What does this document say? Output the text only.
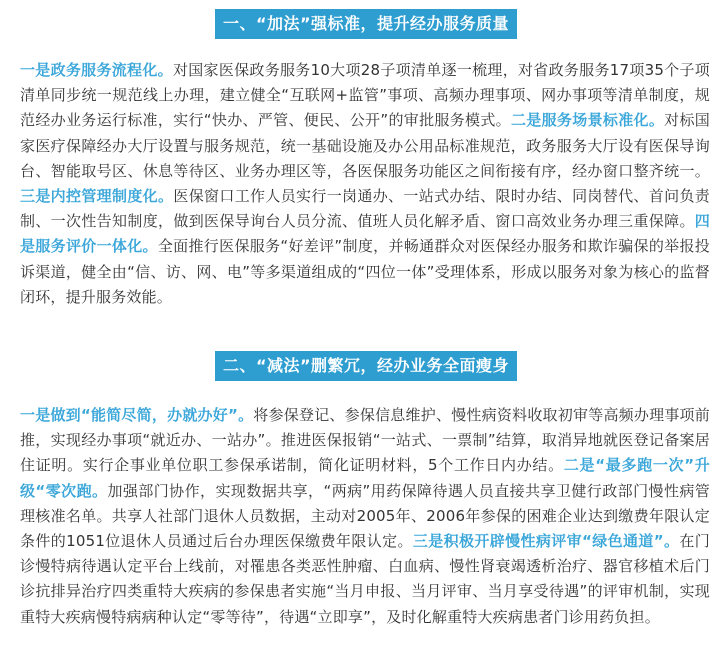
一、“加法”强标准，提升经办服务质量
一是政务服务流程化。对国家医保政务服务10大项28子项清单逐一梳理，对省政务服务17项35个子项清单同步统一规范线上办理，建立健全“互联网+监管”事项、高频办理事项、网办事项等清单制度，规范经办业务运行标准，实行“快办、严管、便民、公开”的审批服务模式。二是服务场景标准化。对标国家医疗保障经办大厅设置与服务规范，统一基础设施及办公用品标准规范，政务服务大厅设有医保导询台、智能取号区、休息等待区、业务办理区等，各医保服务功能区之间衔接有序，经办窗口整齐统一。三是内控管理制度化。医保窗口工作人员实行一岗通办、一站式办结、限时办结、同岗替代、首问负责制、一次性告知制度，做到医保导询台人员分流、值班人员化解矛盾、窗口高效业务办理三重保障。四是服务评价一体化。全面推行医保服务“好差评”制度，并畅通群众对医保经办服务和欺诈骗保的举报投诉渠道，健全由“信、访、网、电”等多渠道组成的“四位一体”受理体系，形成以服务对象为核心的监督闭环，提升服务效能。
二、“减法”删繁冗，经办业务全面瘦身
一是做到“能简尽简，办就办好”。将参保登记、参保信息维护、慢性病资料收取初审等高频办理事项前推，实现经办事项“就近办、一站办”。推进医保报销“一站式、一票制”结算，取消异地就医登记备案居住证明。实行企事业单位职工参保承诺制，简化证明材料，5个工作日内办结。二是“最多跑一次”升级“零次跑。加强部门协作，实现数据共享，“两病”用药保障待遇人员直接共享卫健行政部门慢性病管理核准名单。共享人社部门退休人员数据，主动对2005年、2006年参保的困难企业达到缴费年限认定条件的1051位退休人员通过后台办理医保缴费年限认定。三是积极开辟慢性病评审“绿色通道”。在门诊慢特病待遇认定平台上线前，对罹患各类恶性肿瘤、白血病、慢性肾衰竭透析治疗、器官移植术后门诊抗排异治疗四类重特大疾病的参保患者实施“当月申报、当月评审、当月享受待遇”的评审机制，实现重特大疾病慢特病病种认定“零等待”，待遇“立即享”，及时化解重特大疾病患者门诊用药负担。
